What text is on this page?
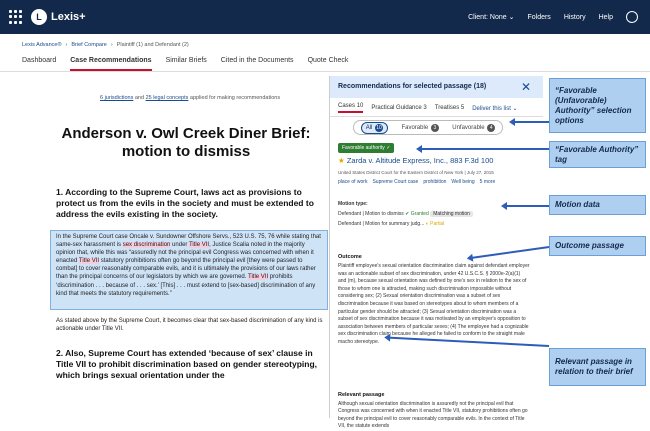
L Lexis+	Client: None ⌄ Folders History Help
Lexis Advance® › Brief Compare › Plaintiff (1) and Defendant (2)
Dashboard Case Recommendations Similar Briefs Cited in the Documents Quote Check
6 jurisdictions and 25 legal concepts applied for making recommendations
Anderson v. Owl Creek Diner Brief: motion to dismiss
1. According to the Supreme Court, laws act as provisions to protect us from the evils in the society and must be extended to address the evils existing in the society.
In the Supreme Court case Oncale v. Sundowner Offshore Servs., 523 U.S. 75, 76 while stating that same-sex harassment is sex discrimination under Title VII, Justice Scalia noted in the majority opinion that, while this was “assuredly not the principal evil Congress was concerned with when it enacted Title VII statutory prohibitions often go beyond the principal evil [they were passed to combat] to cover reasonably comparable evils, and it is ultimately the provisions of our laws rather than the principal concerns of our legislators by which we are governed. Title VII prohibits ‘discrimination . . . because of . . . sex.’ [This] . . . must extend to [sex-based] discrimination of any kind that meets the statutory requirements.”
As stated above by the Supreme Court, it becomes clear that sex-based discrimination of any kind is actionable under Title VII.
2. Also, Supreme Court has extended ‘because of sex’ clause in Title VII to prohibit discrimination based on gender stereotyping, which brings sexual orientation under the
Recommendations for selected passage (18)	✕
Cases 10 Practical Guidance 3 Treatises 5 Deliver this list ⌄
All 10	Favorable 3	Unfavorable 4
Favorable authority ✓
★ Zarda v. Altitude Express, Inc., 883 F.3d 100
United States District Court for the Eastern District of New York | July 27, 2015
place of work Supreme Court case prohibition Well being 5 more
Motion type:
Defendant | Motion to dismiss ✔ Granted Matching motion
Defendant | Motion for summary judg... ◐ Partial
Outcome
Plaintiff employee's sexual orientation discrimination claim against defendant employer was an actionable subset of sex discrimination, under 42 U.S.C.S. § 2000e-2(a)(1) and (m), because sexual orientation was defined by one's sex in relation to the sex of those to whom one is attracted, making such discrimination impossible without considering sex; (2) Sexual orientation discrimination was a subset of sex discrimination because it was based on stereotypes about to whom members of a particular gender should be attracted; (3) Sexual orientation discrimination was a subset of sex discrimination because it was motivated by an employer's opposition to association between members of particular sexes; (4) The employee had a cognizable sex discrimination claim because he alleged he failed to conform to the straight male macho stereotype.
Relevant passage
Although sexual orientation discrimination is assuredly not the principal evil that Congress was concerned with when it enacted Title VII, statutory prohibitions often go beyond the principal evil to cover reasonably comparable evils. In the context of Title VII, the statute extends
“Favorable (Unfavorable) Authority” selection options
“Favorable Authority” tag
Motion data
Outcome passage
Relevant passage in relation to their brief
